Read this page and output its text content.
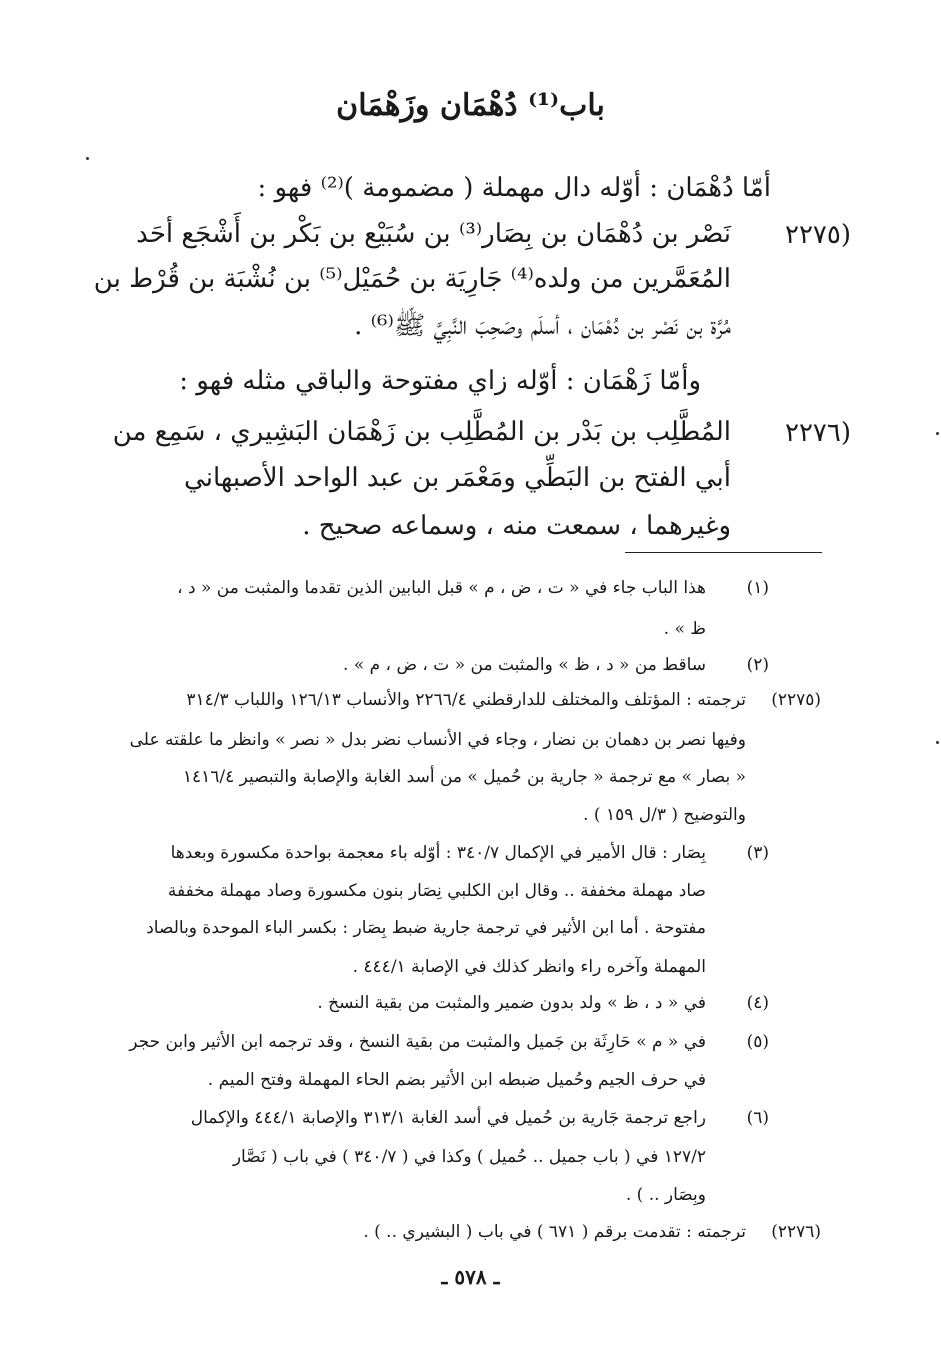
باب⁽¹⁾ دُهْمَان وزَهْمَان
أمّا دُهْمَان : أوّله دال مهملة ( مضمومة )⁽²⁾ فهو :
(٢٢٧٥
نَصْر بن دُهْمَان بن بِصَار⁽³⁾ بن سُبَيْع بن بَكْر بن أَشْجَع أحَد
المُعَمَّرين من ولده⁽⁴⁾ جَارِيَة بن حُمَيْل⁽⁵⁾ بن نُشْبَة بن قُرْط بن
مُرَّة بن نَصْر بن دُهْمَان ، أسلَم وصَحِبَ النَّبِيَّ ﷺ⁽⁶⁾ .
وأمّا زَهْمَان : أوّله زاي مفتوحة والباقي مثله فهو :
(٢٢٧٦
المُطَّلِب بن بَدْر بن المُطَّلِب بن زَهْمَان البَشِيري ، سَمِع من
أبي الفتح بن البَطِّي ومَعْمَر بن عبد الواحد الأصبهاني
وغيرهما ، سمعت منه ، وسماعه صحيح .
(١)
هذا الباب جاء في « ت ، ض ، م » قبل البابين الذين تقدما والمثبت من « د ،
ظ » .
(٢)
ساقط من « د ، ظ » والمثبت من « ت ، ض ، م » .
(٢٢٧٥)
ترجمته : المؤتلف والمختلف للدارقطني ٢٢٦٦/٤ والأنساب ١٢٦/١٣ واللباب ٣١٤/٣
وفيها نصر بن دهمان بن نضار ، وجاء في الأنساب نضر بدل « نصر » وانظر ما علقته على
« بصار » مع ترجمة « جارية بن حُميل » من أسد الغابة والإصابة والتبصير ١٤١٦/٤
والتوضيح ( ٣/ل ١٥٩ ) .
(٣)
بِصَار : قال الأمير في الإكمال ٣٤٠/٧ : أوّله باء معجمة بواحدة مكسورة وبعدها
صاد مهملة مخففة .. وقال ابن الكلبي نِصَار بنون مكسورة وصاد مهملة مخففة
مفتوحة . أما ابن الأثير في ترجمة جارية ضبط بِصَار : بكسر الباء الموحدة وبالصاد
المهملة وآخره راء وانظر كذلك في الإصابة ٤٤٤/١ .
(٤)
في « د ، ظ » ولد بدون ضمير والمثبت من بقية النسخ .
(٥)
في « م » حَارِثَة بن جَميل والمثبت من بقية النسخ ، وقد ترجمه ابن الأثير وابن حجر
في حرف الجيم وحُميل ضبطه ابن الأثير بضم الحاء المهملة وفتح الميم .
(٦)
راجع ترجمة جَارية بن حُميل في أسد الغابة ٣١٣/١ والإصابة ٤٤٤/١ والإكمال
١٢٧/٢ في ( باب جميل .. حُميل ) وكذا في ( ٣٤٠/٧ ) في باب ( نَصَّار
وبِصَار .. ) .
(٢٢٧٦)
ترجمته : تقدمت برقم ( ٦٧١ ) في باب ( البشيري .. ) .
ـ ٥٧٨ ـ
